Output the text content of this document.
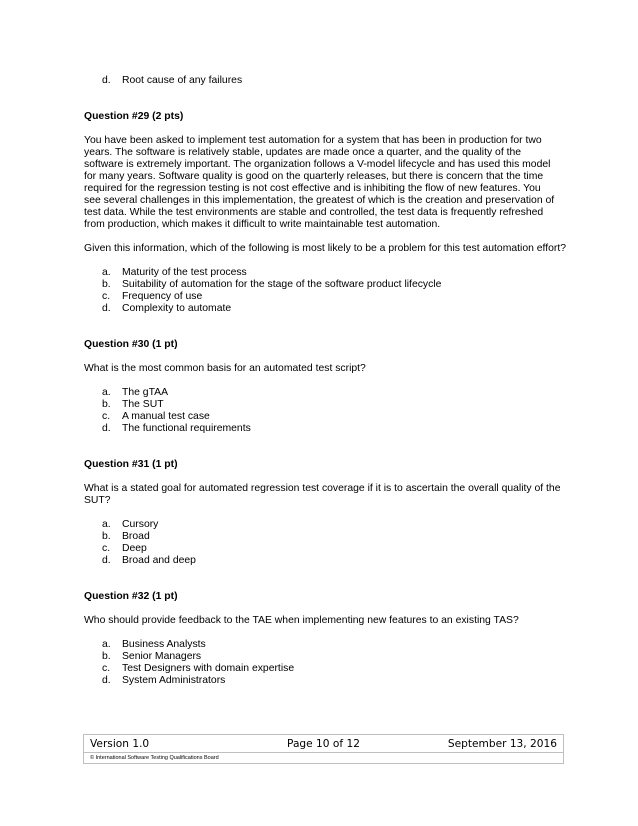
d. Root cause of any failures
Question #29 (2 pts)
You have been asked to implement test automation for a system that has been in production for two
years. The software is relatively stable, updates are made once a quarter, and the quality of the
software is extremely important. The organization follows a V-model lifecycle and has used this model
for many years. Software quality is good on the quarterly releases, but there is concern that the time
required for the regression testing is not cost effective and is inhibiting the flow of new features. You
see several challenges in this implementation, the greatest of which is the creation and preservation of
test data. While the test environments are stable and controlled, the test data is frequently refreshed
from production, which makes it difficult to write maintainable test automation.
Given this information, which of the following is most likely to be a problem for this test automation effort?
a. Maturity of the test process
b. Suitability of automation for the stage of the software product lifecycle
c. Frequency of use
d. Complexity to automate
Question #30 (1 pt)
What is the most common basis for an automated test script?
a. The gTAA
b. The SUT
c. A manual test case
d. The functional requirements
Question #31 (1 pt)
What is a stated goal for automated regression test coverage if it is to ascertain the overall quality of the
SUT?
a. Cursory
b. Broad
c. Deep
d. Broad and deep
Question #32 (1 pt)
Who should provide feedback to the TAE when implementing new features to an existing TAS?
a. Business Analysts
b. Senior Managers
c. Test Designers with domain expertise
d. System Administrators
Version 1.0	Page 10 of 12	September 13, 2016
© International Software Testing Qualifications Board
